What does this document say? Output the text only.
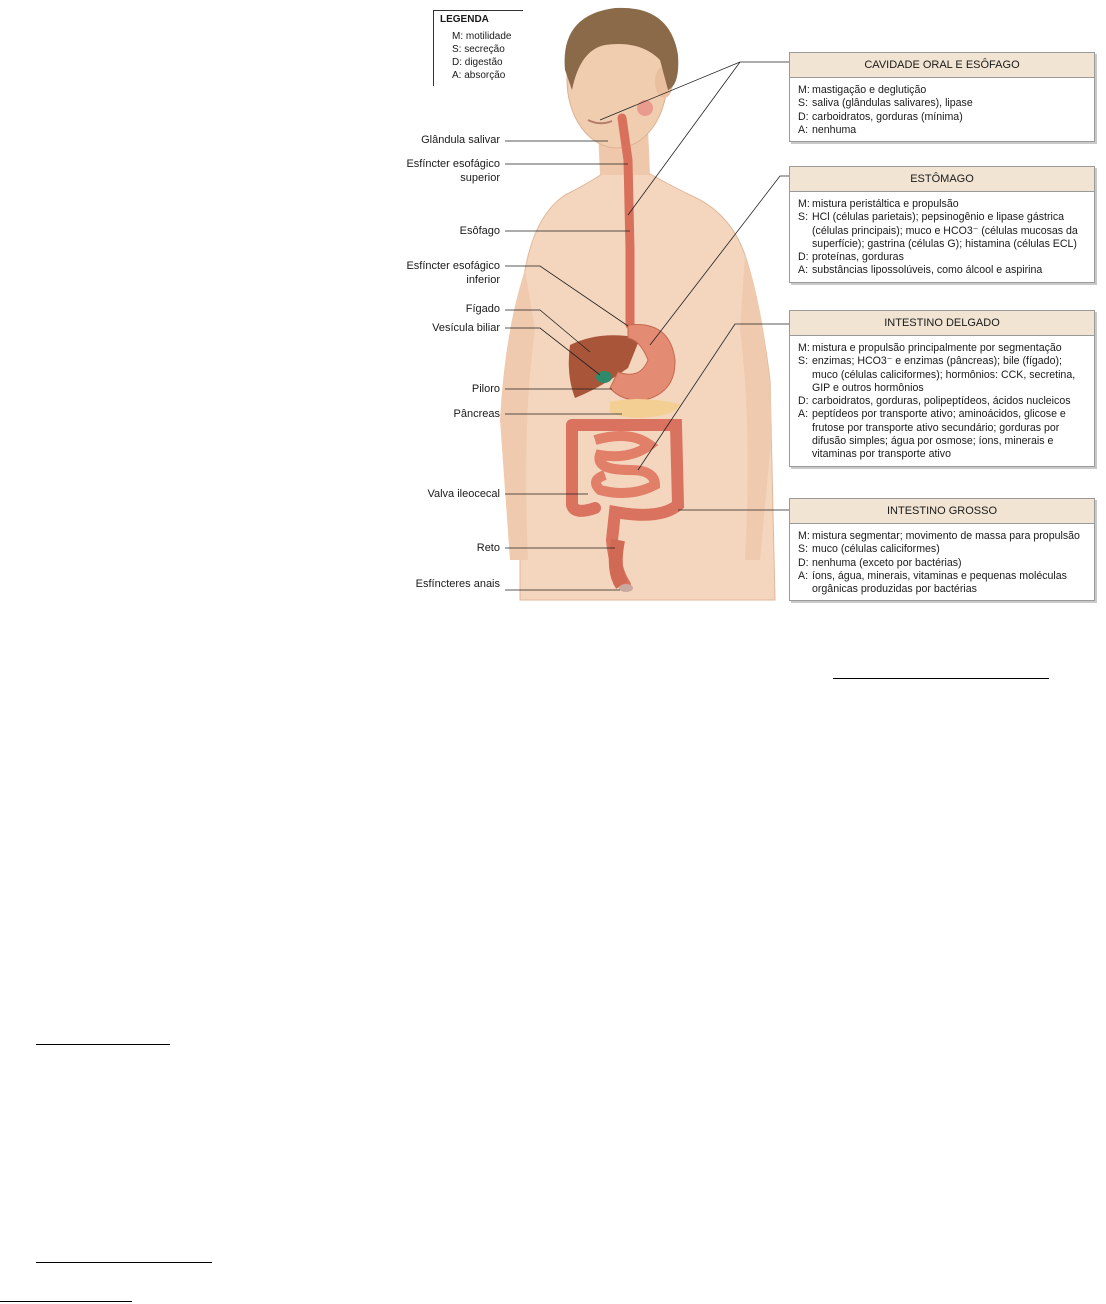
LEGENDA
M: motilidade
S: secreção
D: digestão
A: absorção
Glândula salivar
Esfíncter esofágico superior
Esôfago
Esfíncter esofágico inferior
Fígado
Vesícula biliar
Piloro
Pâncreas
Valva ileocecal
Reto
Esfíncteres anais
CAVIDADE ORAL E ESÔFAGO
M: mastigação e deglutição
S: saliva (glândulas salivares), lipase
D: carboidratos, gorduras (mínima)
A: nenhuma
ESTÔMAGO
M: mistura peristáltica e propulsão
S: HCl (células parietais); pepsinogênio e lipase gástrica (células principais); muco e HCO3⁻ (células mucosas da superfície); gastrina (células G); histamina (células ECL)
D: proteínas, gorduras
A: substâncias lipossolúveis, como álcool e aspirina
INTESTINO DELGADO
M: mistura e propulsão principalmente por segmentação
S: enzimas; HCO3⁻ e enzimas (pâncreas); bile (fígado); muco (células caliciformes); hormônios: CCK, secretina, GIP e outros hormônios
D: carboidratos, gorduras, polipeptídeos, ácidos nucleicos
A: peptídeos por transporte ativo; aminoácidos, glicose e frutose por transporte ativo secundário; gorduras por difusão simples; água por osmose; íons, minerais e vitaminas por transporte ativo
INTESTINO GROSSO
M: mistura segmentar; movimento de massa para propulsão
S: muco (células caliciformes)
D: nenhuma (exceto por bactérias)
A: íons, água, minerais, vitaminas e pequenas moléculas orgânicas produzidas por bactérias
